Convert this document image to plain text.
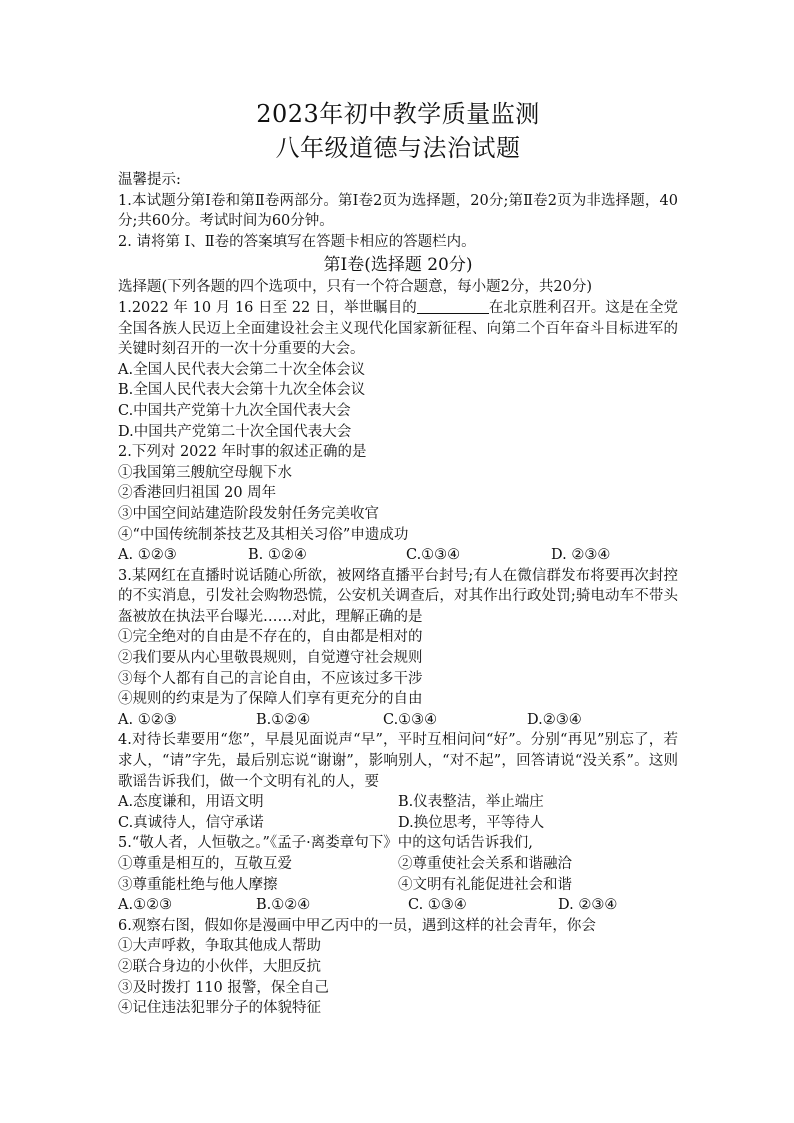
2023年初中教学质量监测
八年级道德与法治试题
温馨提示:
1.本试题分第Ⅰ卷和第Ⅱ卷两部分。第Ⅰ卷2页为选择题，20分;第Ⅱ卷2页为非选择题，40分;共60分。考试时间为60分钟。
2. 请将第 Ⅰ、Ⅱ卷的答案填写在答题卡相应的答题栏内。
第Ⅰ卷(选择题 20分)
选择题(下列各题的四个选项中，只有一个符合题意，每小题2分，共20分)
1.2022 年 10 月 16 日至 22 日，举世瞩目的	在北京胜利召开。这是在全党全国各族人民迈上全面建设社会主义现代化国家新征程、向第二个百年奋斗目标进军的关键时刻召开的一次十分重要的大会。
A.全国人民代表大会第二十次全体会议
B.全国人民代表大会第十九次全体会议
C.中国共产党第十九次全国代表大会
D.中国共产党第二十次全国代表大会
2.下列对 2022 年时事的叙述正确的是
①我国第三艘航空母舰下水
②香港回归祖国 20 周年
③中国空间站建造阶段发射任务完美收官
④“中国传统制茶技艺及其相关习俗”申遗成功
A. ①②③	B. ①②④	C.①③④	D. ②③④
3.某网红在直播时说话随心所欲，被网络直播平台封号;有人在微信群发布将要再次封控的不实消息，引发社会购物恐慌，公安机关调查后，对其作出行政处罚;骑电动车不带头盔被放在执法平台曝光……对此，理解正确的是
①完全绝对的自由是不存在的，自由都是相对的
②我们要从内心里敬畏规则，自觉遵守社会规则
③每个人都有自己的言论自由，不应该过多干涉
④规则的约束是为了保障人们享有更充分的自由
A. ①②③	B.①②④	C.①③④	D.②③④
4.对待长辈要用“您”，早晨见面说声“早”，平时互相问问“好”。分别“再见”别忘了，若求人，“请”字先，最后别忘说“谢谢”，影响别人，“对不起”，回答请说“没关系”。这则歌谣告诉我们，做一个文明有礼的人，要
A.态度谦和，用语文明	B.仪表整洁，举止端庄
C.真诚待人，信守承诺	D.换位思考，平等待人
5.“敬人者，人恒敬之。”《孟子·离娄章句下》中的这句话告诉我们,
①尊重是相互的，互敬互爱	②尊重使社会关系和谐融洽
③尊重能杜绝与他人摩擦	④文明有礼能促进社会和谐
A.①②③	B.①②④	C. ①③④	D. ②③④
6.观察右图，假如你是漫画中甲乙丙中的一员，遇到这样的社会青年，你会
①大声呼救，争取其他成人帮助
②联合身边的小伙伴，大胆反抗
③及时拨打 110 报警，保全自己
④记住违法犯罪分子的体貌特征
